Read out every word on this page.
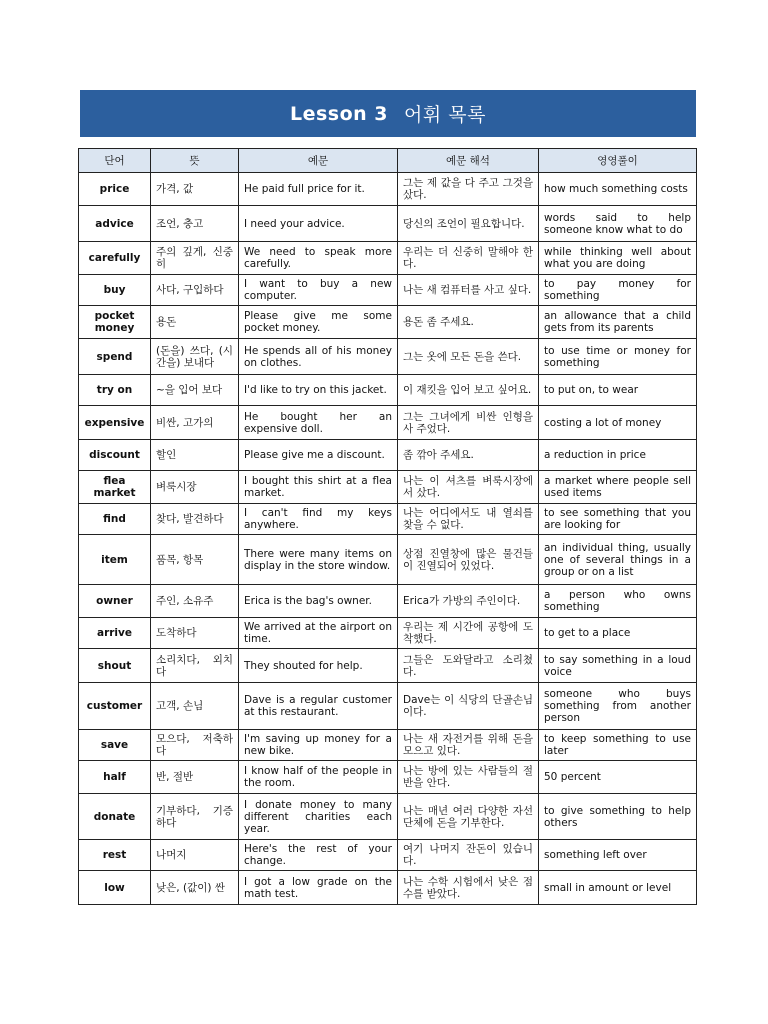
Lesson 3 어휘 목록
단어	뜻	예문	예문 해석	영영풀이
price	가격, 값	He paid full price for it.	그는 제 값을 다 주고 그것을 샀다.	how much something costs
advice	조언, 충고	I need your advice.	당신의 조언이 필요합니다.	words said to help someone know what to do
carefully	주의 깊게, 신중히	We need to speak more carefully.	우리는 더 신중히 말해야 한다.	while thinking well about what you are doing
buy	사다, 구입하다	I want to buy a new computer.	나는 새 컴퓨터를 사고 싶다.	to pay money for something
pocket money	용돈	Please give me some pocket money.	용돈 좀 주세요.	an allowance that a child gets from its parents
spend	(돈을) 쓰다, (시간을) 보내다	He spends all of his money on clothes.	그는 옷에 모든 돈을 쓴다.	to use time or money for something
try on	~을 입어 보다	I'd like to try on this jacket.	이 재킷을 입어 보고 싶어요.	to put on, to wear
expensive	비싼, 고가의	He bought her an expensive doll.	그는 그녀에게 비싼 인형을 사 주었다.	costing a lot of money
discount	할인	Please give me a discount.	좀 깎아 주세요.	a reduction in price
flea market	벼룩시장	I bought this shirt at a flea market.	나는 이 셔츠를 벼룩시장에서 샀다.	a market where people sell used items
find	찾다, 발견하다	I can't find my keys anywhere.	나는 어디에서도 내 열쇠를 찾을 수 없다.	to see something that you are looking for
item	품목, 항목	There were many items on display in the store window.	상점 진열창에 많은 물건들이 진열되어 있었다.	an individual thing, usually one of several things in a group or on a list
owner	주인, 소유주	Erica is the bag's owner.	Erica가 가방의 주인이다.	a person who owns something
arrive	도착하다	We arrived at the airport on time.	우리는 제 시간에 공항에 도착했다.	to get to a place
shout	소리치다, 외치다	They shouted for help.	그들은 도와달라고 소리쳤다.	to say something in a loud voice
customer	고객, 손님	Dave is a regular customer at this restaurant.	Dave는 이 식당의 단골손님이다.	someone who buys something from another person
save	모으다, 저축하다	I'm saving up money for a new bike.	나는 새 자전거를 위해 돈을 모으고 있다.	to keep something to use later
half	반, 절반	I know half of the people in the room.	나는 방에 있는 사람들의 절반을 안다.	50 percent
donate	기부하다, 기증하다	I donate money to many different charities each year.	나는 매년 여러 다양한 자선 단체에 돈을 기부한다.	to give something to help others
rest	나머지	Here's the rest of your change.	여기 나머지 잔돈이 있습니다.	something left over
low	낮은, (값이) 싼	I got a low grade on the math test.	나는 수학 시험에서 낮은 점수를 받았다.	small in amount or level
